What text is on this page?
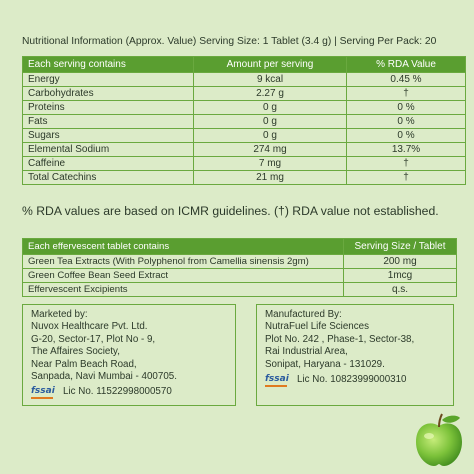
Nutritional Information (Approx. Value) Serving Size: 1 Tablet (3.4 g) | Serving Per Pack: 20
Each serving contains	Amount per serving	% RDA Value
Energy	9 kcal	0.45 %
Carbohydrates	2.27 g	†
Proteins	0 g	0 %
Fats	0 g	0 %
Sugars	0 g	0 %
Elemental Sodium	274 mg	13.7%
Caffeine	7 mg	†
Total Catechins	21 mg	†
% RDA values are based on ICMR guidelines. (†) RDA value not established.
Each effervescent tablet contains	Serving Size / Tablet
Green Tea Extracts (With Polyphenol from Camellia sinensis 2gm)	200 mg
Green Coffee Bean Seed Extract	1mcg
Effervescent Excipients	q.s.
Marketed by:
Nuvox Healthcare Pvt. Ltd.
G-20, Sector-17, Plot No - 9,
The Affaires Society,
Near Palm Beach Road,
Sanpada, Navi Mumbai - 400705.
fssai Lic No. 11522998000570
Manufactured By:
NutraFuel Life Sciences
Plot No. 242 , Phase-1, Sector-38,
Rai Industrial Area,
Sonipat, Haryana - 131029.
fssai Lic No. 10823999000310
